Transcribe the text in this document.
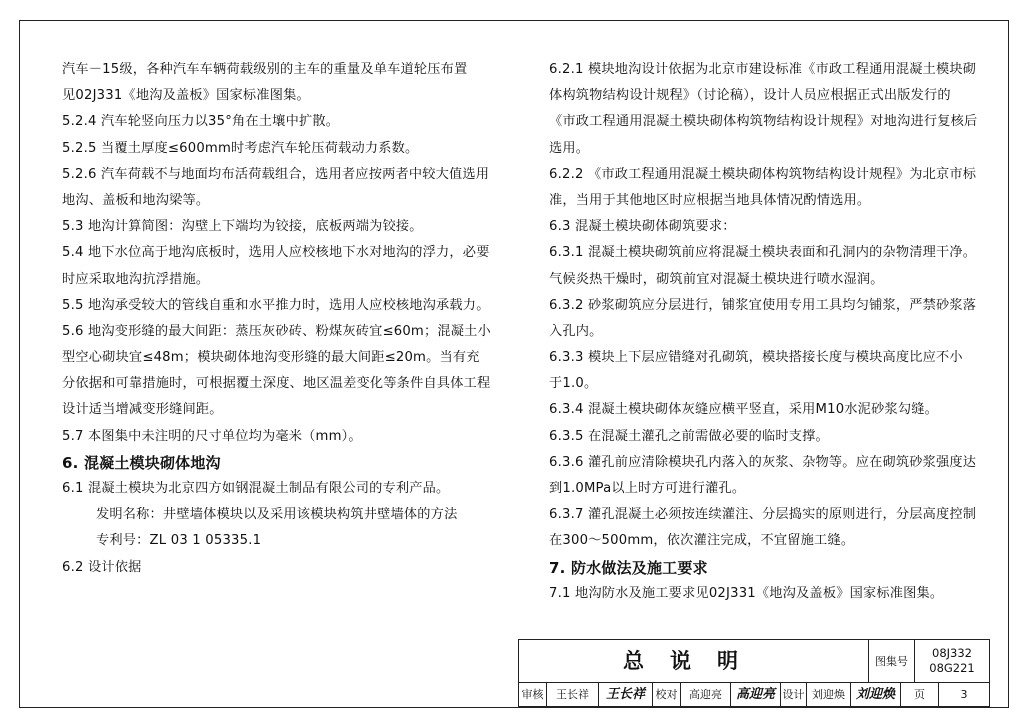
汽车－15级，各种汽车车辆荷载级别的主车的重量及单车道轮压布置
见02J331《地沟及盖板》国家标准图集。
5.2.4 汽车轮竖向压力以35°角在土壤中扩散。
5.2.5 当覆土厚度≤600mm时考虑汽车轮压荷载动力系数。
5.2.6 汽车荷载不与地面均布活荷载组合，选用者应按两者中较大值选用
地沟、盖板和地沟梁等。
5.3 地沟计算简图：沟壁上下端均为铰接，底板两端为铰接。
5.4 地下水位高于地沟底板时，选用人应校核地下水对地沟的浮力，必要
时应采取地沟抗浮措施。
5.5 地沟承受较大的管线自重和水平推力时，选用人应校核地沟承载力。
5.6 地沟变形缝的最大间距：蒸压灰砂砖、粉煤灰砖宜≤60m；混凝土小
型空心砌块宜≤48m；模块砌体地沟变形缝的最大间距≤20m。当有充
分依据和可靠措施时，可根据覆土深度、地区温差变化等条件自具体工程
设计适当增减变形缝间距。
5.7 本图集中未注明的尺寸单位均为毫米（mm）。
6. 混凝土模块砌体地沟
6.1 混凝土模块为北京四方如钢混凝土制品有限公司的专利产品。
发明名称：井壁墙体模块以及采用该模块构筑井壁墙体的方法
专利号：ZL 03 1 05335.1
6.2 设计依据
6.2.1 模块地沟设计依据为北京市建设标准《市政工程通用混凝土模块砌
体构筑物结构设计规程》（讨论稿），设计人员应根据正式出版发行的
《市政工程通用混凝土模块砌体构筑物结构设计规程》对地沟进行复核后
选用。
6.2.2 《市政工程通用混凝土模块砌体构筑物结构设计规程》为北京市标
准，当用于其他地区时应根据当地具体情况酌情选用。
6.3 混凝土模块砌体砌筑要求：
6.3.1 混凝土模块砌筑前应将混凝土模块表面和孔洞内的杂物清理干净。
气候炎热干燥时，砌筑前宜对混凝土模块进行喷水湿润。
6.3.2 砂浆砌筑应分层进行，铺浆宜使用专用工具均匀铺浆，严禁砂浆落
入孔内。
6.3.3 模块上下层应错缝对孔砌筑，模块搭接长度与模块高度比应不小
于1.0。
6.3.4 混凝土模块砌体灰缝应横平竖直，采用M10水泥砂浆勾缝。
6.3.5 在混凝土灌孔之前需做必要的临时支撑。
6.3.6 灌孔前应清除模块孔内落入的灰浆、杂物等。应在砌筑砂浆强度达
到1.0MPa以上时方可进行灌孔。
6.3.7 灌孔混凝土必须按连续灌注、分层捣实的原则进行，分层高度控制
在300～500mm，依次灌注完成，不宜留施工缝。
7. 防水做法及施工要求
7.1 地沟防水及施工要求见02J331《地沟及盖板》国家标准图集。
总说明	图集号
08J332
08G221
审核	王长祥	王长祥 校对	高迎亮	高迎亮 设计 刘迎焕 刘迎焕	页	3
